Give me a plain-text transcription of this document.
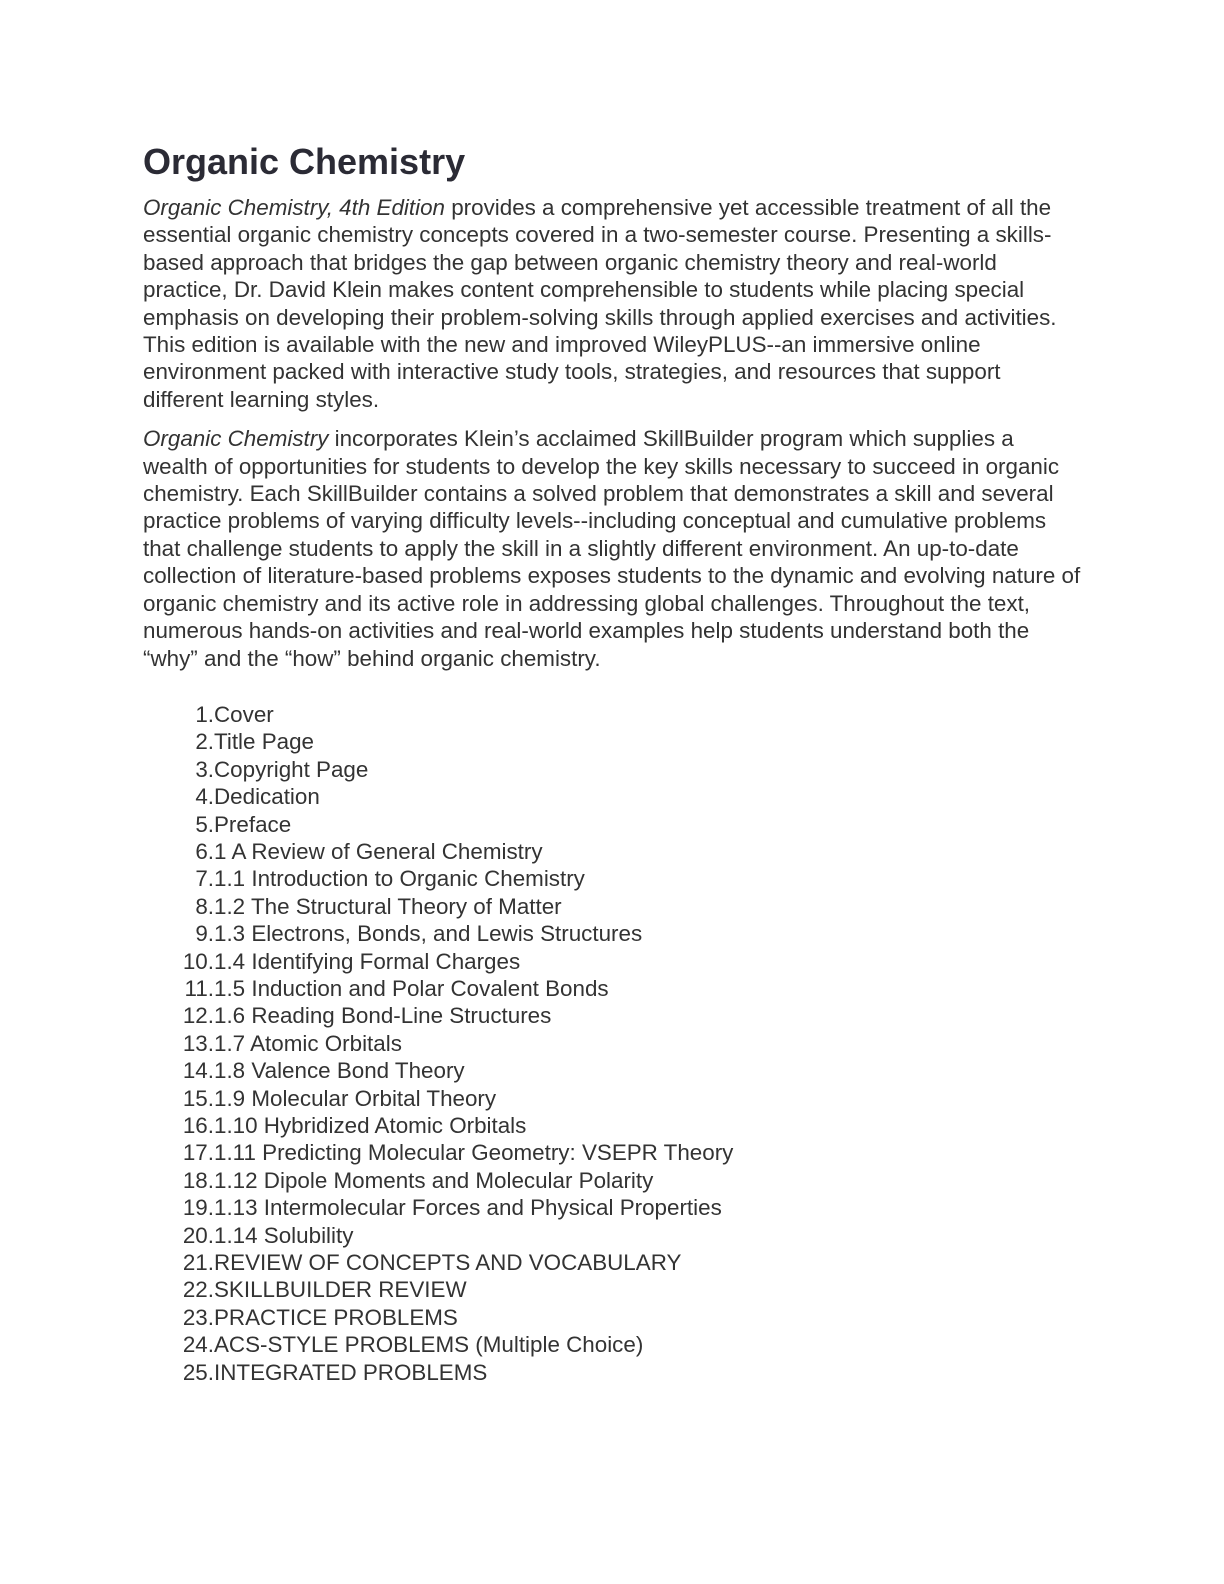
Organic Chemistry

Organic Chemistry, 4th Edition provides a comprehensive yet accessible treatment of all the essential organic chemistry concepts covered in a two-semester course. Presenting a skills-based approach that bridges the gap between organic chemistry theory and real-world practice, Dr. David Klein makes content comprehensible to students while placing special emphasis on developing their problem-solving skills through applied exercises and activities. This edition is available with the new and improved WileyPLUS--an immersive online environment packed with interactive study tools, strategies, and resources that support different learning styles.

Organic Chemistry incorporates Klein’s acclaimed SkillBuilder program which supplies a wealth of opportunities for students to develop the key skills necessary to succeed in organic chemistry. Each SkillBuilder contains a solved problem that demonstrates a skill and several practice problems of varying difficulty levels--including conceptual and cumulative problems that challenge students to apply the skill in a slightly different environment. An up-to-date collection of literature-based problems exposes students to the dynamic and evolving nature of organic chemistry and its active role in addressing global challenges. Throughout the text, numerous hands-on activities and real-world examples help students understand both the “why” and the “how” behind organic chemistry.

1. Cover
2. Title Page
3. Copyright Page
4. Dedication
5. Preface
6. 1 A Review of General Chemistry
7. 1.1 Introduction to Organic Chemistry
8. 1.2 The Structural Theory of Matter
9. 1.3 Electrons, Bonds, and Lewis Structures
10. 1.4 Identifying Formal Charges
11. 1.5 Induction and Polar Covalent Bonds
12. 1.6 Reading Bond-Line Structures
13. 1.7 Atomic Orbitals
14. 1.8 Valence Bond Theory
15. 1.9 Molecular Orbital Theory
16. 1.10 Hybridized Atomic Orbitals
17. 1.11 Predicting Molecular Geometry: VSEPR Theory
18. 1.12 Dipole Moments and Molecular Polarity
19. 1.13 Intermolecular Forces and Physical Properties
20. 1.14 Solubility
21. REVIEW OF CONCEPTS AND VOCABULARY
22. SKILLBUILDER REVIEW
23. PRACTICE PROBLEMS
24. ACS-STYLE PROBLEMS (Multiple Choice)
25. INTEGRATED PROBLEMS
